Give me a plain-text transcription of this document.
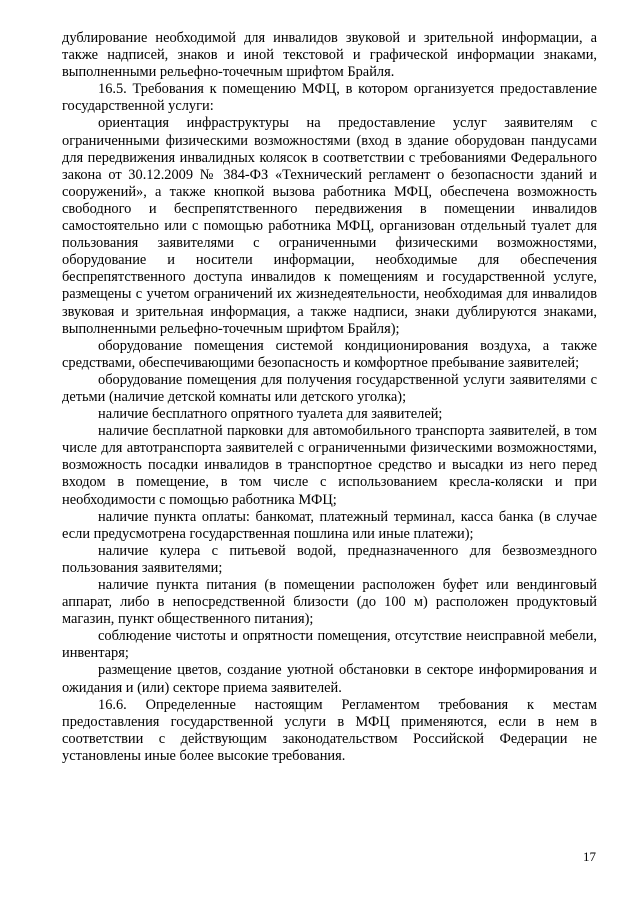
дублирование необходимой для инвалидов звуковой и зрительной информации, а также надписей, знаков и иной текстовой и графической информации знаками, выполненными рельефно-точечным шрифтом Брайля.

16.5. Требования к помещению МФЦ, в котором организуется предоставление государственной услуги:

ориентация инфраструктуры на предоставление услуг заявителям с ограниченными физическими возможностями (вход в здание оборудован пандусами для передвижения инвалидных колясок в соответствии с требованиями Федерального закона от 30.12.2009 № 384-ФЗ «Технический регламент о безопасности зданий и сооружений», а также кнопкой вызова работника МФЦ, обеспечена возможность свободного и беспрепятственного передвижения в помещении инвалидов самостоятельно или с помощью работника МФЦ, организован отдельный туалет для пользования заявителями с ограниченными физическими возможностями, оборудование и носители информации, необходимые для обеспечения беспрепятственного доступа инвалидов к помещениям и государственной услуге, размещены с учетом ограничений их жизнедеятельности, необходимая для инвалидов звуковая и зрительная информация, а также надписи, знаки дублируются знаками, выполненными рельефно-точечным шрифтом Брайля);

оборудование помещения системой кондиционирования воздуха, а также средствами, обеспечивающими безопасность и комфортное пребывание заявителей;

оборудование помещения для получения государственной услуги заявителями с детьми (наличие детской комнаты или детского уголка);

наличие бесплатного опрятного туалета для заявителей;

наличие бесплатной парковки для автомобильного транспорта заявителей, в том числе для автотранспорта заявителей с ограниченными физическими возможностями, возможность посадки инвалидов в транспортное средство и высадки из него перед входом в помещение, в том числе с использованием кресла-коляски и при необходимости с помощью работника МФЦ;

наличие пункта оплаты: банкомат, платежный терминал, касса банка (в случае если предусмотрена государственная пошлина или иные платежи);

наличие кулера с питьевой водой, предназначенного для безвозмездного пользования заявителями;

наличие пункта питания (в помещении расположен буфет или вендинговый аппарат, либо в непосредственной близости (до 100 м) расположен продуктовый магазин, пункт общественного питания);

соблюдение чистоты и опрятности помещения, отсутствие неисправной мебели, инвентаря;

размещение цветов, создание уютной обстановки в секторе информирования и ожидания и (или) секторе приема заявителей.

16.6. Определенные настоящим Регламентом требования к местам предоставления государственной услуги в МФЦ применяются, если в нем в соответствии с действующим законодательством Российской Федерации не установлены иные более высокие требования.

17
